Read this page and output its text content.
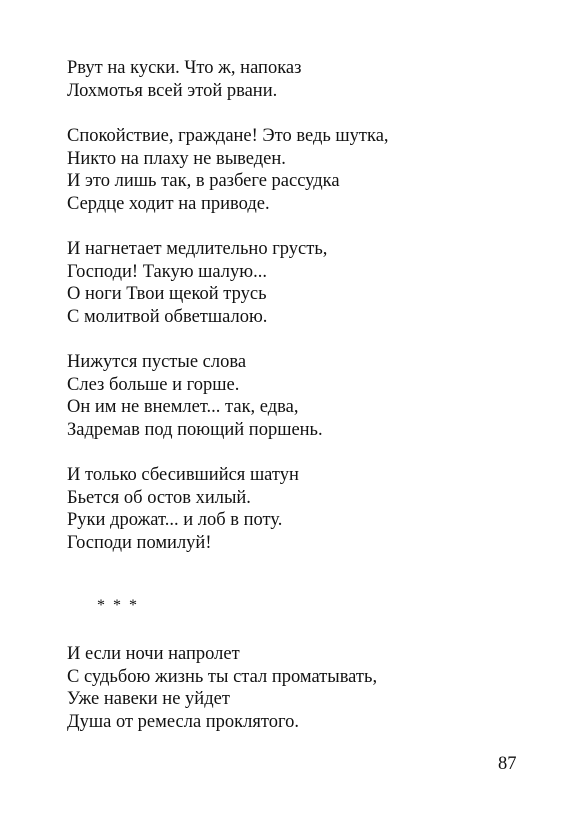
Рвут на куски. Что ж, напоказ
Лохмотья всей этой рвани.
Спокойствие, граждане! Это ведь шутка,
Никто на плаху не выведен.
И это лишь так, в разбеге рассудка
Сердце ходит на приводе.
И нагнетает медлительно грусть,
Господи! Такую шалую...
О ноги Твои щекой трусь
С молитвой обветшалою.
Нижутся пустые слова
Слез больше и горше.
Он им не внемлет... так, едва,
Задремав под поющий поршень.
И только сбесившийся шатун
Бьется об остов хилый.
Руки дрожат... и лоб в поту.
Господи помилуй!
* * *
И если ночи напролет
С судьбою жизнь ты стал проматывать,
Уже навеки не уйдет
Душа от ремесла проклятого.
87
